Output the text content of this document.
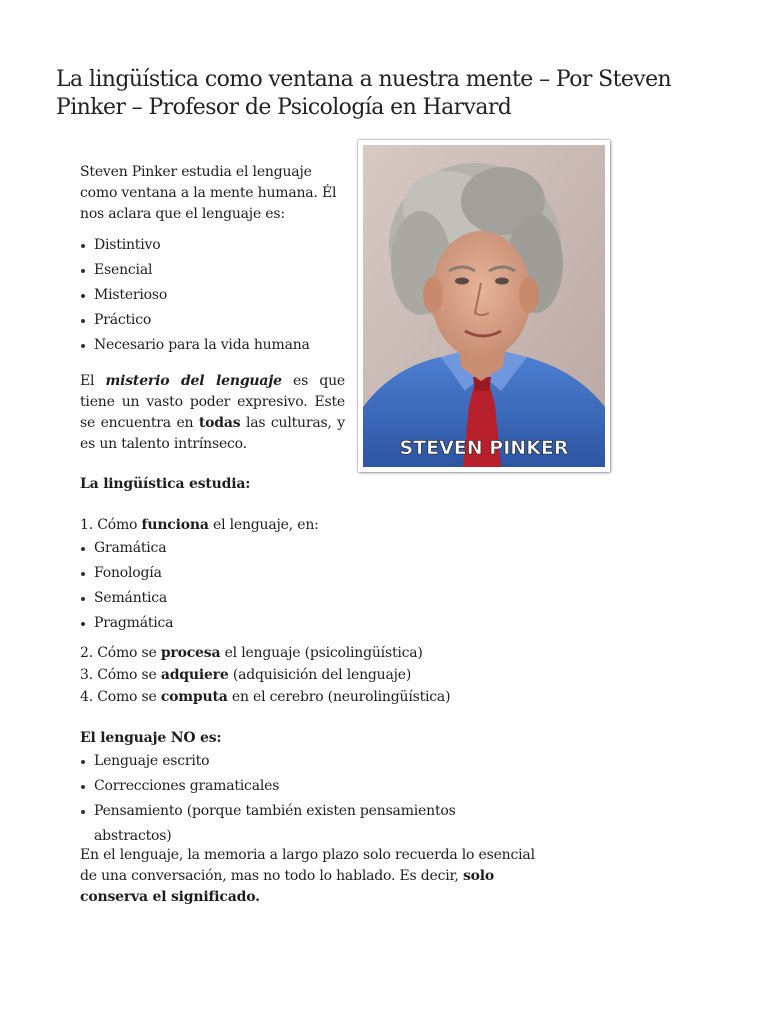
La lingüística como ventana a nuestra mente – Por Steven Pinker – Profesor de Psicología en Harvard

Steven Pinker estudia el lenguaje como ventana a la mente humana. Él nos aclara que el lenguaje es:

Distintivo
Esencial
Misterioso
Práctico
Necesario para la vida humana

El misterio del lenguaje es que tiene un vasto poder expresivo. Este se encuentra en todas las culturas, y es un talento intrínseco.

La lingüística estudia:

1. Cómo funciona el lenguaje, en:

Gramática
Fonología
Semántica
Pragmática

2. Cómo se procesa el lenguaje (psicolingüística)

3. Cómo se adquiere (adquisición del lenguaje)

4. Como se computa en el cerebro (neurolingüística)

El lenguaje NO es:

Lenguaje escrito
Correcciones gramaticales
Pensamiento (porque también existen pensamientos abstractos)

En el lenguaje, la memoria a largo plazo solo recuerda lo esencial de una conversación, mas no todo lo hablado. Es decir, solo conserva el significado.

STEVEN PINKER
